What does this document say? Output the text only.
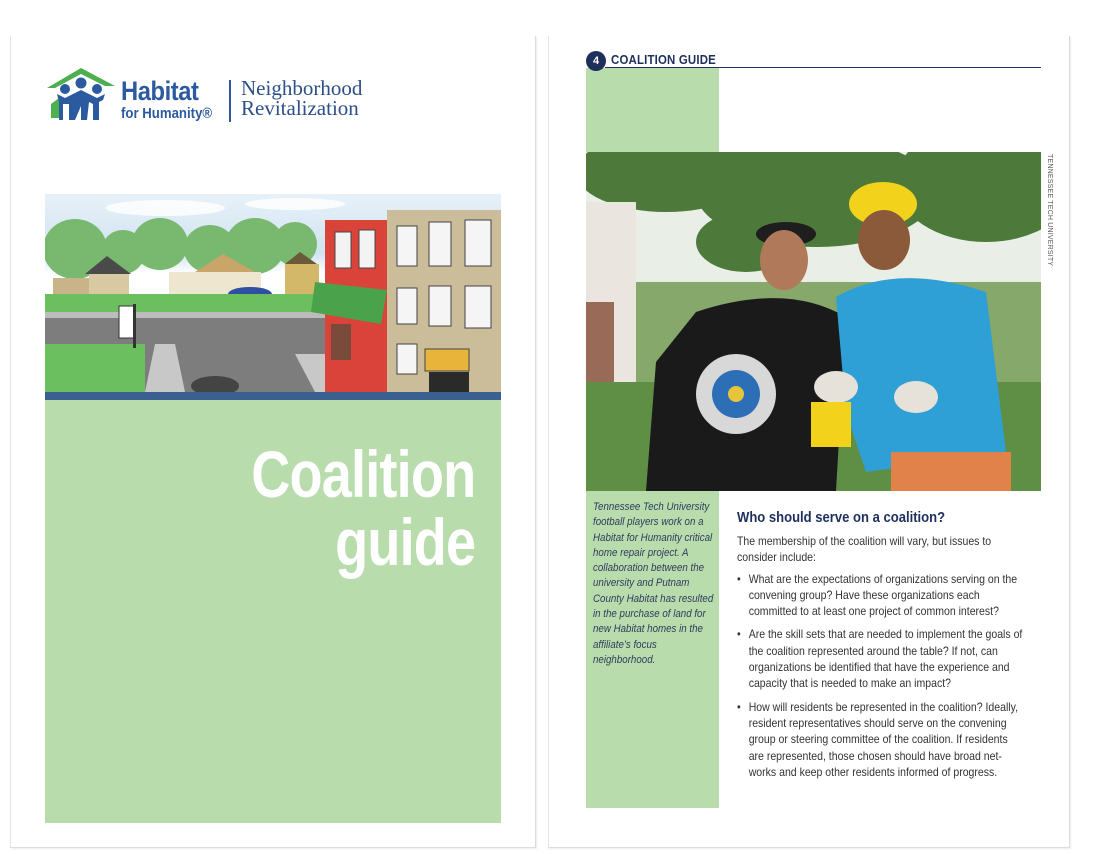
Habitat
for Humanity®
Neighborhood
Revitalization
Coalition
guide
4 COALITION GUIDE
TENNESSEE TECH UNIVERSITY
Tennessee Tech University football players work on a Habitat for Humanity critical home repair project. A collaboration between the university and Putnam County Habitat has resulted in the purchase of land for new Habitat homes in the affiliate’s focus neighborhood.
Who should serve on a coalition?

The membership of the coalition will vary, but issues to consider include:

• What are the expectations of organizations serving on the convening group? Have these organizations each committed to at least one project of common interest?
• Are the skill sets that are needed to implement the goals of the coalition represented around the table? If not, can organizations be identified that have the experience and capacity that is needed to make an impact?
• How will residents be represented in the coalition? Ideally, resident representatives should serve on the convening group or steering committee of the coalition. If residents are represented, those chosen should have broad net-works and keep other residents informed of progress.
